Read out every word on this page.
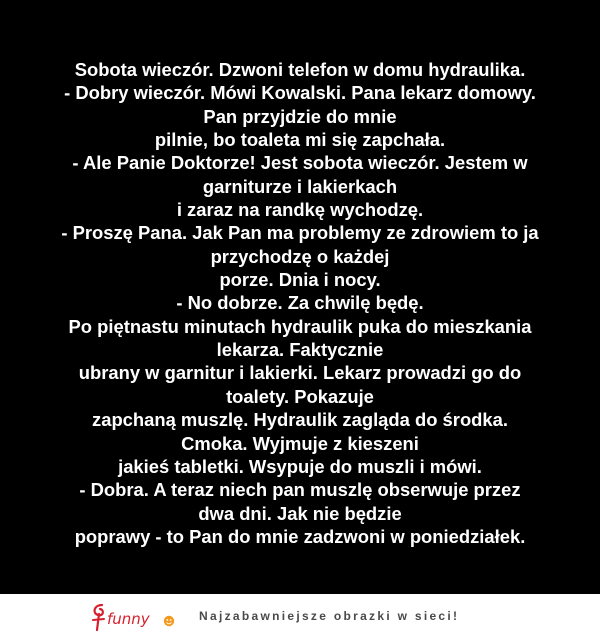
Sobota wieczór. Dzwoni telefon w domu hydraulika.
- Dobry wieczór. Mówi Kowalski. Pana lekarz domowy.
Pan przyjdzie do mnie
pilnie, bo toaleta mi się zapchała.
- Ale Panie Doktorze! Jest sobota wieczór. Jestem w
garniturze i lakierkach
i zaraz na randkę wychodzę.
- Proszę Pana. Jak Pan ma problemy ze zdrowiem to ja
przychodzę o każdej
porze. Dnia i nocy.
- No dobrze. Za chwilę będę.
Po piętnastu minutach hydraulik puka do mieszkania
lekarza. Faktycznie
ubrany w garnitur i lakierki. Lekarz prowadzi go do
toalety. Pokazuje
zapchaną muszlę. Hydraulik zagląda do środka.
Cmoka. Wyjmuje z kieszeni
jakieś tabletki. Wsypuje do muszli i mówi.
- Dobra. A teraz niech pan muszlę obserwuje przez
dwa dni. Jak nie będzie
poprawy - to Pan do mnie zadzwoni w poniedziałek.
funny	Najzabawniejsze obrazki w sieci!
